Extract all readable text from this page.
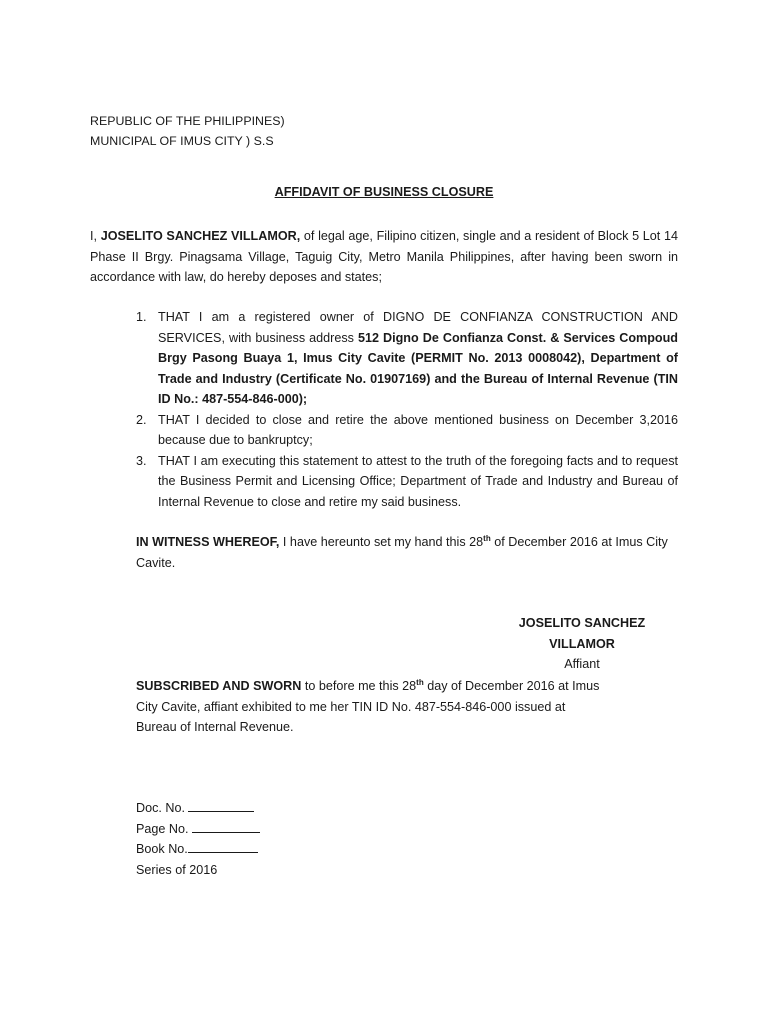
REPUBLIC OF THE PHILIPPINES)
MUNICIPAL OF IMUS CITY ) S.S
AFFIDAVIT OF BUSINESS CLOSURE
I, JOSELITO SANCHEZ VILLAMOR, of legal age, Filipino citizen, single and a resident of Block 5 Lot 14 Phase II Brgy. Pinagsama Village, Taguig City, Metro Manila Philippines, after having been sworn in accordance with law, do hereby deposes and states;
1. THAT I am a registered owner of DIGNO DE CONFIANZA CONSTRUCTION AND SERVICES, with business address 512 Digno De Confianza Const. & Services Compoud Brgy Pasong Buaya 1, Imus City Cavite (PERMIT No. 2013 0008042), Department of Trade and Industry (Certificate No. 01907169) and the Bureau of Internal Revenue (TIN ID No.: 487-554-846-000);
2. THAT I decided to close and retire the above mentioned business on December 3,2016 because due to bankruptcy;
3. THAT I am executing this statement to attest to the truth of the foregoing facts and to request the Business Permit and Licensing Office; Department of Trade and Industry and Bureau of Internal Revenue to close and retire my said business.
IN WITNESS WHEREOF, I have hereunto set my hand this 28th of December 2016 at Imus City Cavite.
JOSELITO SANCHEZ VILLAMOR
Affiant
SUBSCRIBED AND SWORN to before me this 28th day of December 2016 at Imus
City Cavite, affiant exhibited to me her TIN ID No. 487-554-846-000 issued at
Bureau of Internal Revenue.
Doc. No.
Page No.
Book No.
Series of 2016
